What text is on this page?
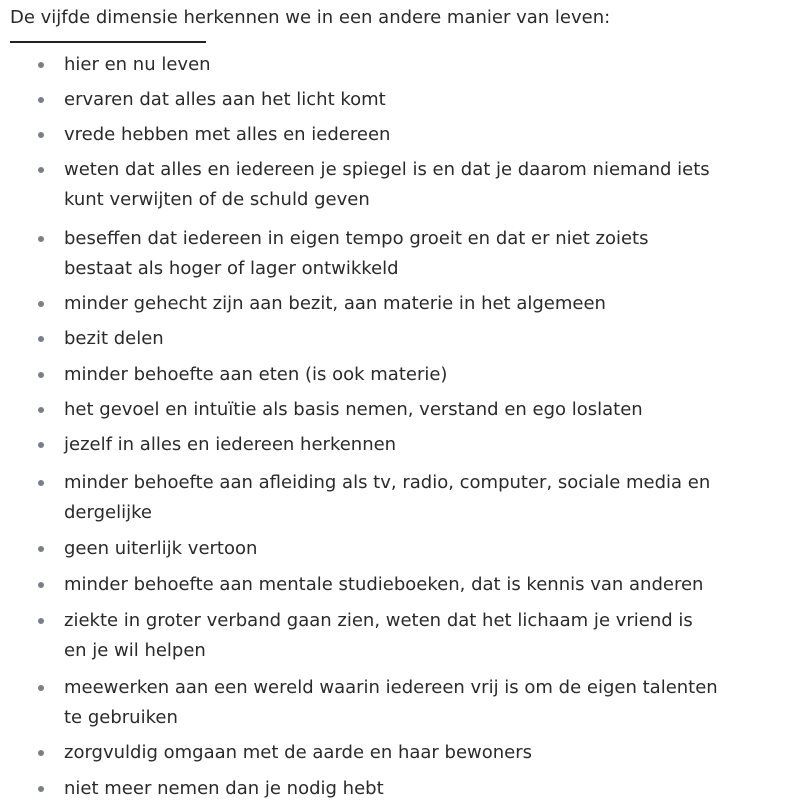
De vijfde dimensie herkennen we in een andere manier van leven:

hier en nu leven
ervaren dat alles aan het licht komt
vrede hebben met alles en iedereen
weten dat alles en iedereen je spiegel is en dat je daarom niemand iets
kunt verwijten of de schuld geven
beseffen dat iedereen in eigen tempo groeit en dat er niet zoiets
bestaat als hoger of lager ontwikkeld
minder gehecht zijn aan bezit, aan materie in het algemeen
bezit delen
minder behoefte aan eten (is ook materie)
het gevoel en intuïtie als basis nemen, verstand en ego loslaten
jezelf in alles en iedereen herkennen
minder behoefte aan afleiding als tv, radio, computer, sociale media en
dergelijke
geen uiterlijk vertoon
minder behoefte aan mentale studieboeken, dat is kennis van anderen
ziekte in groter verband gaan zien, weten dat het lichaam je vriend is
en je wil helpen
meewerken aan een wereld waarin iedereen vrij is om de eigen talenten
te gebruiken
zorgvuldig omgaan met de aarde en haar bewoners
niet meer nemen dan je nodig hebt
